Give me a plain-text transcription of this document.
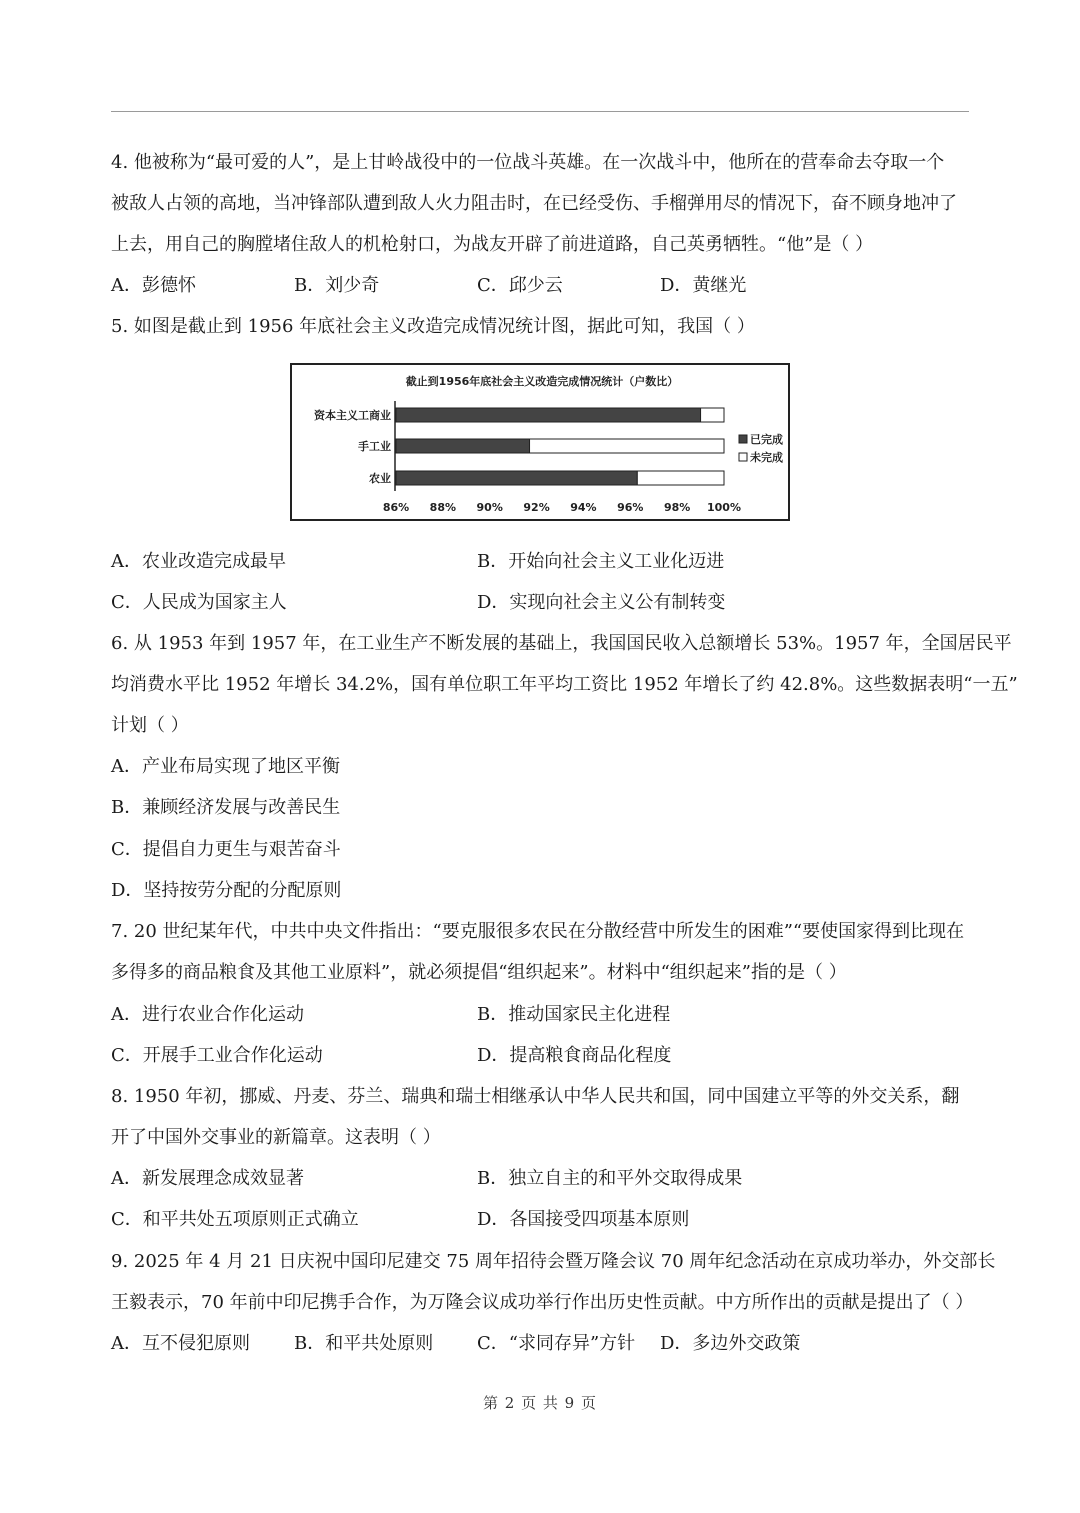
4. 他被称为“最可爱的人”，是上甘岭战役中的一位战斗英雄。在一次战斗中，他所在的营奉命去夺取一个
被敌人占领的高地，当冲锋部队遭到敌人火力阻击时，在已经受伤、手榴弹用尽的情况下，奋不顾身地冲了
上去，用自己的胸膛堵住敌人的机枪射口，为战友开辟了前进道路，自己英勇牺牲。“他”是（ ）
A．彭德怀	B．刘少奇	C．邱少云	D．黄继光
5. 如图是截止到 1956 年底社会主义改造完成情况统计图，据此可知，我国（ ）
截止到1956年底社会主义改造完成情况统计（户数比）
资本主义工商业
手工业
农业
86% 88% 90% 92% 94% 96% 98% 100%
已完成
未完成
A．农业改造完成最早	B．开始向社会主义工业化迈进
C．人民成为国家主人	D．实现向社会主义公有制转变
6. 从 1953 年到 1957 年，在工业生产不断发展的基础上，我国国民收入总额增长 53%。1957 年，全国居民平
均消费水平比 1952 年增长 34.2%，国有单位职工年平均工资比 1952 年增长了约 42.8%。这些数据表明“一五”
计划（ ）
A．产业布局实现了地区平衡
B．兼顾经济发展与改善民生
C．提倡自力更生与艰苦奋斗
D．坚持按劳分配的分配原则
7. 20 世纪某年代，中共中央文件指出：“要克服很多农民在分散经营中所发生的困难”“要使国家得到比现在
多得多的商品粮食及其他工业原料”，就必须提倡“组织起来”。材料中“组织起来”指的是（ ）
A．进行农业合作化运动	B．推动国家民主化进程
C．开展手工业合作化运动	D．提高粮食商品化程度
8. 1950 年初，挪威、丹麦、芬兰、瑞典和瑞士相继承认中华人民共和国，同中国建立平等的外交关系，翻
开了中国外交事业的新篇章。这表明（ ）
A．新发展理念成效显著	B．独立自主的和平外交取得成果
C．和平共处五项原则正式确立	D．各国接受四项基本原则
9. 2025 年 4 月 21 日庆祝中国印尼建交 75 周年招待会暨万隆会议 70 周年纪念活动在京成功举办，外交部长
王毅表示，70 年前中印尼携手合作，为万隆会议成功举行作出历史性贡献。中方所作出的贡献是提出了（ ）
A．互不侵犯原则 B．和平共处原则 C．“求同存异”方针 D．多边外交政策
第 2 页 共 9 页
